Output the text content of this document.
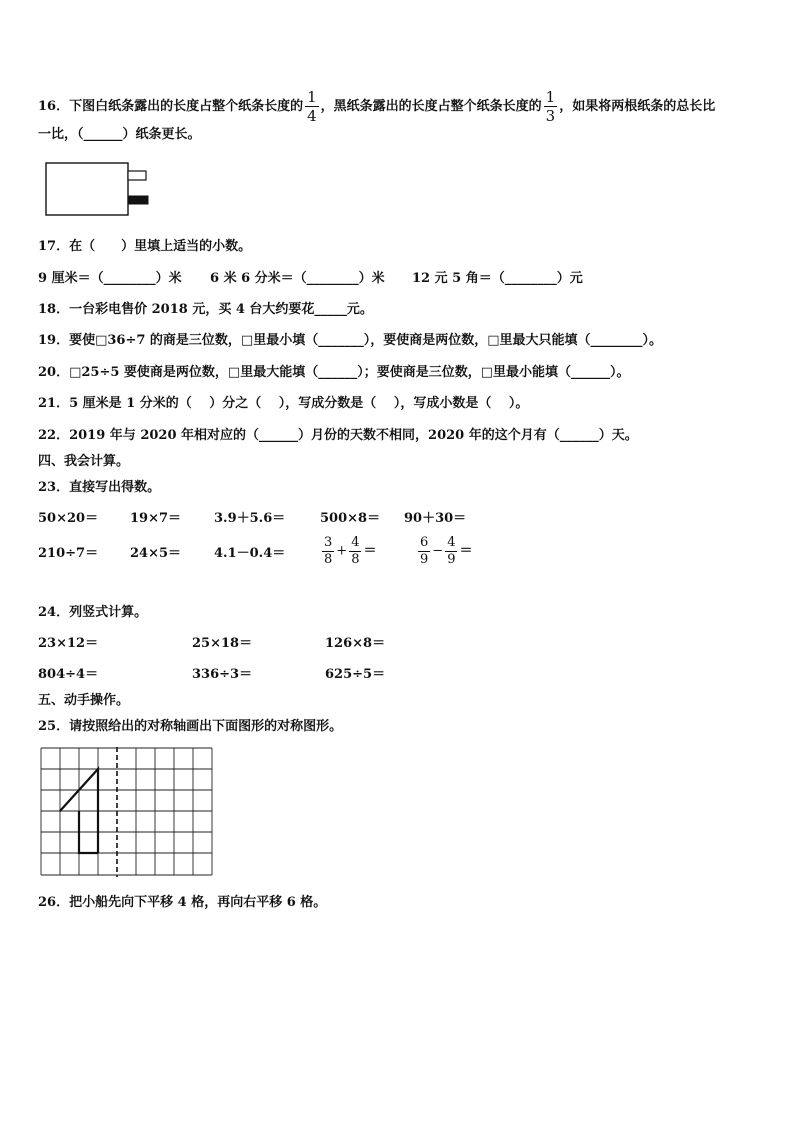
16．下图白纸条露出的长度占整个纸条长度的 $\frac{1}{4}$ ，黑纸条露出的长度占整个纸条长度的 $\frac{1}{3}$ ，如果将两根纸条的总长比
一比，（______）纸条更长。
17．在（　　）里填上适当的小数。
9 厘米＝（________）米 6 米 6 分米＝（________）米 12 元 5 角＝（________）元
18．一台彩电售价 2018 元，买 4 台大约要花_____元。
19．要使□36÷7 的商是三位数，□里最小填（_______），要使商是两位数，□里最大只能填（________）。
20．□25÷5 要使商是两位数，□里最大能填（______）；要使商是三位数，□里最小能填（______）。
21．5 厘米是 1 分米的（　 ）分之（　 ），写成分数是（　 ），写成小数是（　 ）。
22．2019 年与 2020 年相对应的（______）月份的天数不相同，2020 年的这个月有（______）天。
四、我会计算。
23．直接写出得数。
50×20＝ 19×7＝	3.9＋5.6＝	500×8＝ 90＋30＝
210÷7＝ 24×5＝	4.1－0.4＝	$\frac{3}{8} + \frac{4}{8}$ ＝	$\frac{6}{9} - \frac{4}{9}$ ＝
24．列竖式计算。
23×12＝	25×18＝	126×8＝
804÷4＝	336÷3＝	625÷5＝
五、动手操作。
25．请按照给出的对称轴画出下面图形的对称图形。
26．把小船先向下平移 4 格，再向右平移 6 格。
